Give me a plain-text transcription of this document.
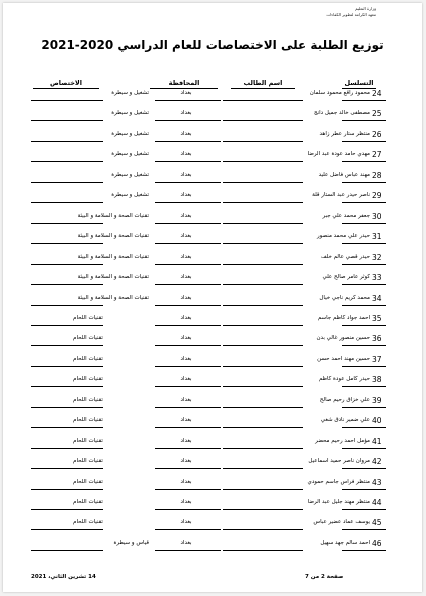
وزارة التعليم
معهد الكرامة لتطوير الكفاءات
توزيع الطلبة على الاختصاصات للعام الدراسي 2020-2021
التسلسل
اسم الطالب
المحافظة
الاختصاص
24
محمود راقع محمود سلمان
بغداد
تشغيل و سيطرة
25
مصطفى خالد جميل دانج
بغداد
تشغيل و سيطرة
26
منتظر ستار عطر زاهد
بغداد
تشغيل و سيطرة
27
مهدي حامد عودة عبد الرضا
بغداد
تشغيل و سيطرة
28
مهند عباس فاضل عليد
بغداد
تشغيل و سيطرة
29
ناصر حيدر عبد الستار قلة
بغداد
تشغيل و سيطرة
30
جعفر محمد علي جبر
بغداد
تقنيات الصحة و السلامة و البيئة
31
حيدر علي محمد منصور
بغداد
تقنيات الصحة و السلامة و البيئة
32
حيدر قصي عالم خلف
بغداد
تقنيات الصحة و السلامة و البيئة
33
كوثر عامر صالح علي
بغداد
تقنيات الصحة و السلامة و البيئة
34
محمد كريم ناجي خيال
بغداد
تقنيات الصحة و السلامة و البيئة
35
احمد جواد كاظم جاسم
بغداد
تقنيات اللحام
36
حسين منصور غالي بدن
بغداد
تقنيات اللحام
37
حسين مهند احمد حسن
بغداد
تقنيات اللحام
38
حيدر كامل عودة كاظم
بغداد
تقنيات اللحام
39
علي خزاق رحيم صالح
بغداد
تقنيات اللحام
40
علي ضمير نادق شغي
بغداد
تقنيات اللحام
41
مؤمل احمد رحيم محضر
بغداد
تقنيات اللحام
42
مروان ناصر حميد اسماعيل
بغداد
تقنيات اللحام
43
منتظر فراس جاسم حمودي
بغداد
تقنيات اللحام
44
منتظر مهند جليل عبد الرضا
بغداد
تقنيات اللحام
45
يوسف عماد عضير عباس
بغداد
تقنيات اللحام
46
احمد سالم جهد سهيل
بغداد
قياس و سيطرة
صفحة 2 من 7
14 تشرين الثاني، 2021
